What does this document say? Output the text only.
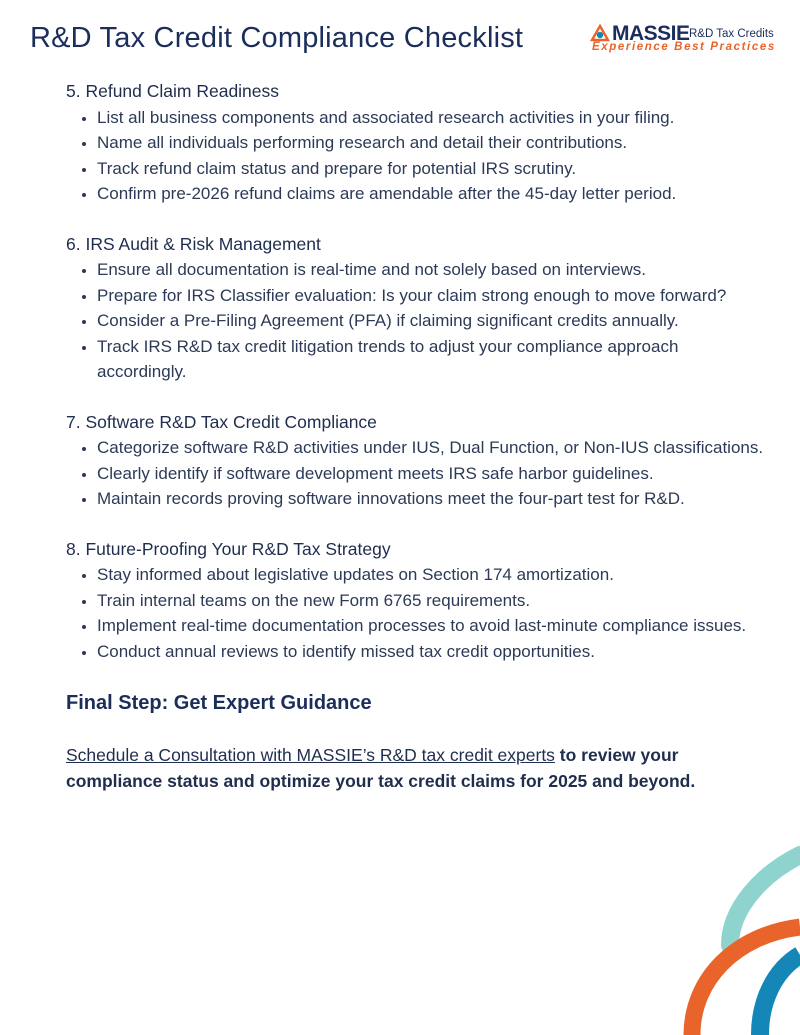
R&D Tax Credit Compliance Checklist	MASSIE R&D Tax Credits
Experience Best Practices
5. Refund Claim Readiness
• List all business components and associated research activities in your filing.
• Name all individuals performing research and detail their contributions.
• Track refund claim status and prepare for potential IRS scrutiny.
• Confirm pre-2026 refund claims are amendable after the 45-day letter period.
6. IRS Audit & Risk Management
• Ensure all documentation is real-time and not solely based on interviews.
• Prepare for IRS Classifier evaluation: Is your claim strong enough to move forward?
• Consider a Pre-Filing Agreement (PFA) if claiming significant credits annually.
• Track IRS R&D tax credit litigation trends to adjust your compliance approach accordingly.
7. Software R&D Tax Credit Compliance
• Categorize software R&D activities under IUS, Dual Function, or Non-IUS classifications.
• Clearly identify if software development meets IRS safe harbor guidelines.
• Maintain records proving software innovations meet the four-part test for R&D.
8. Future-Proofing Your R&D Tax Strategy
• Stay informed about legislative updates on Section 174 amortization.
• Train internal teams on the new Form 6765 requirements.
• Implement real-time documentation processes to avoid last-minute compliance issues.
• Conduct annual reviews to identify missed tax credit opportunities.
Final Step: Get Expert Guidance
Schedule a Consultation with MASSIE’s R&D tax credit experts to review your compliance status and optimize your tax credit claims for 2025 and beyond.
